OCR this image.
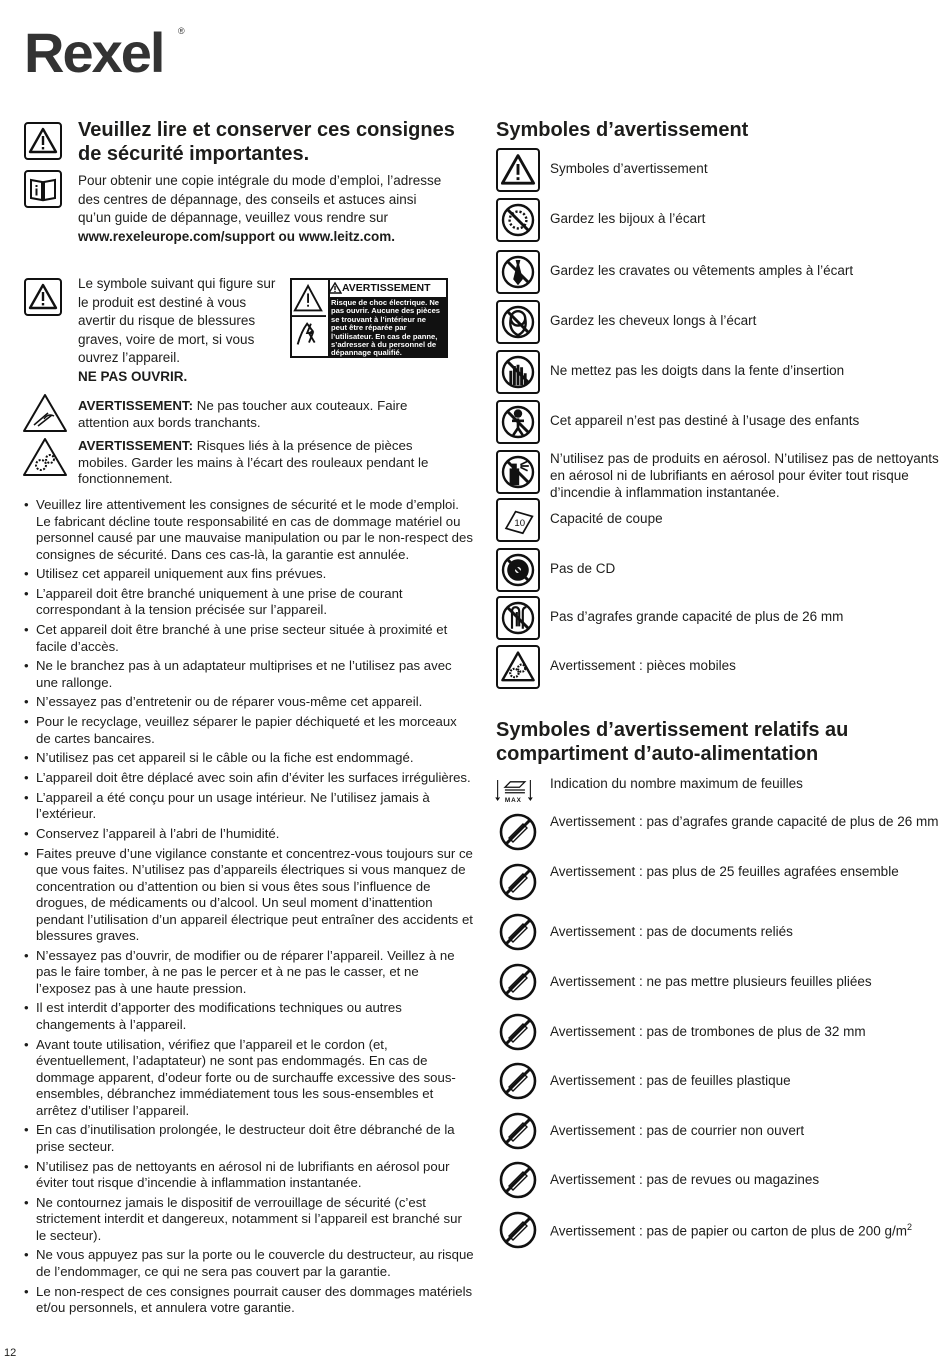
Rexel ®
Veuillez lire et conserver ces consignes de sécurité importantes.
Pour obtenir une copie intégrale du mode d’emploi, l’adresse des centres de dépannage, des conseils et astuces ainsi qu’un guide de dépannage, veuillez vous rendre sur www.rexeleurope.com/support ou www.leitz.com.
Le symbole suivant qui figure sur le produit est destiné à vous avertir du risque de blessures graves, voire de mort, si vous ouvrez l’appareil.
NE PAS OUVRIR.
AVERTISSEMENT
Risque de choc électrique. Ne pas ouvrir. Aucune des pièces se trouvant à l’intérieur ne peut être réparée par l’utilisateur. En cas de panne, s’adresser à du personnel de dépannage qualifié.
AVERTISSEMENT: Ne pas toucher aux couteaux. Faire attention aux bords tranchants.
AVERTISSEMENT: Risques liés à la présence de pièces mobiles. Garder les mains à l’écart des rouleaux pendant le fonctionnement.
• Veuillez lire attentivement les consignes de sécurité et le mode d’emploi. Le fabricant décline toute responsabilité en cas de dommage matériel ou personnel causé par une mauvaise manipulation ou par le non-respect des consignes de sécurité. Dans ces cas-là, la garantie est annulée.
• Utilisez cet appareil uniquement aux fins prévues.
• L’appareil doit être branché uniquement à une prise de courant correspondant à la tension précisée sur l’appareil.
• Cet appareil doit être branché à une prise secteur située à proximité et facile d’accès.
• Ne le branchez pas à un adaptateur multiprises et ne l’utilisez pas avec une rallonge.
• N’essayez pas d’entretenir ou de réparer vous-même cet appareil.
• Pour le recyclage, veuillez séparer le papier déchiqueté et les morceaux de cartes bancaires.
• N’utilisez pas cet appareil si le câble ou la fiche est endommagé.
• L’appareil doit être déplacé avec soin afin d’éviter les surfaces irrégulières.
• L’appareil a été conçu pour un usage intérieur. Ne l’utilisez jamais à l’extérieur.
• Conservez l’appareil à l’abri de l’humidité.
• Faites preuve d’une vigilance constante et concentrez-vous toujours sur ce que vous faites. N’utilisez pas d’appareils électriques si vous manquez de concentration ou d’attention ou bien si vous êtes sous l’influence de drogues, de médicaments ou d’alcool. Un seul moment d’inattention pendant l’utilisation d’un appareil électrique peut entraîner des accidents et blessures graves.
• N’essayez pas d’ouvrir, de modifier ou de réparer l’appareil. Veillez à ne pas le faire tomber, à ne pas le percer et à ne pas le casser, et ne l’exposez pas à une haute pression.
• Il est interdit d’apporter des modifications techniques ou autres changements à l’appareil.
• Avant toute utilisation, vérifiez que l’appareil et le cordon (et, éventuellement, l’adaptateur) ne sont pas endommagés. En cas de dommage apparent, d’odeur forte ou de surchauffe excessive des sous-ensembles, débranchez immédiatement tous les sous-ensembles et arrêtez d’utiliser l’appareil.
• En cas d’inutilisation prolongée, le destructeur doit être débranché de la prise secteur.
• N’utilisez pas de nettoyants en aérosol ni de lubrifiants en aérosol pour éviter tout risque d’incendie à inflammation instantanée.
• Ne contournez jamais le dispositif de verrouillage de sécurité (c’est strictement interdit et dangereux, notamment si l’appareil est branché sur le secteur).
• Ne vous appuyez pas sur la porte ou le couvercle du destructeur, au risque de l’endommager, ce qui ne sera pas couvert par la garantie.
• Le non-respect de ces consignes pourrait causer des dommages matériels et/ou personnels, et annulera votre garantie.
12
Symboles d’avertissement
Symboles d’avertissement
Gardez les bijoux à l’écart
Gardez les cravates ou vêtements amples à l’écart
Gardez les cheveux longs à l’écart
Ne mettez pas les doigts dans la fente d’insertion
Cet appareil n’est pas destiné à l’usage des enfants
N’utilisez pas de produits en aérosol. N’utilisez pas de nettoyants en aérosol ni de lubrifiants en aérosol pour éviter tout risque d’incendie à inflammation instantanée.
10 Capacité de coupe
Pas de CD
Pas d’agrafes grande capacité de plus de 26 mm
Avertissement : pièces mobiles
Symboles d’avertissement relatifs au compartiment d’auto-alimentation
MAX
Indication du nombre maximum de feuilles
Avertissement : pas d’agrafes grande capacité de plus de 26 mm
Avertissement : pas plus de 25 feuilles agrafées ensemble
Avertissement : pas de documents reliés
Avertissement : ne pas mettre plusieurs feuilles pliées
Avertissement : pas de trombones de plus de 32 mm
Avertissement : pas de feuilles plastique
Avertissement : pas de courrier non ouvert
Avertissement : pas de revues ou magazines
Avertissement : pas de papier ou carton de plus de 200 $g/m^2$
